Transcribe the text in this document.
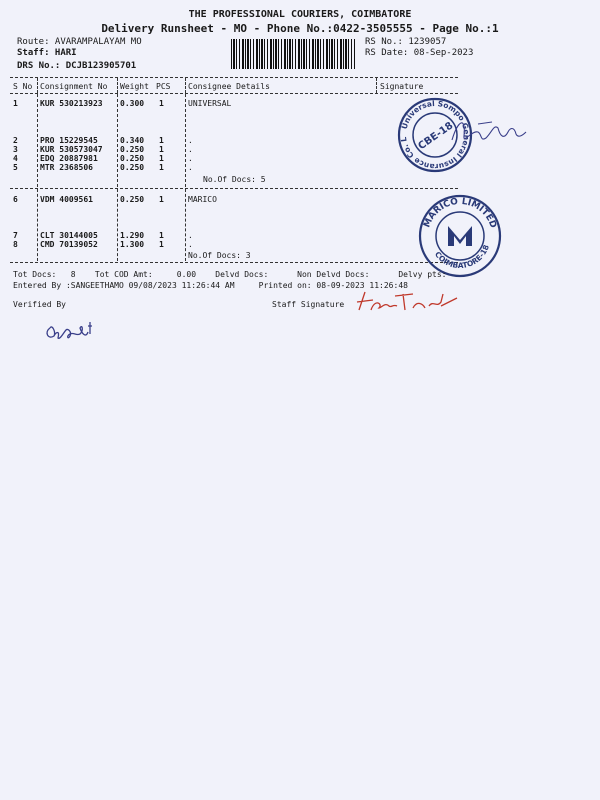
THE PROFESSIONAL COURIERS, COIMBATORE
Delivery Runsheet - MO - Phone No.:0422-3505555 - Page No.:1
Route: AVARAMPALAYAM MO
Staff: HARI
DRS No.: DCJB123905701
RS No.: 1239057
RS Date: 08-Sep-2023
S No Consignment No Weight PCS Consignee Details	Signature
1	KUR 530213923 0.300 1	UNIVERSAL
2	PRO 15229545	0.340 1	.
3	KUR 530573047 0.250 1	.
4	EDQ 20887981	0.250 1	.
5	MTR 2368506	0.250 1	.
No.Of Docs: 5
6	VDM 4009561	0.250 1	MARICO
7	CLT 30144005	1.290 1	.
8	CMD 70139052	1.300 1	.
No.Of Docs: 3
Universal Sompo General Insurance Co. Ltd
CBE-18
MARICO LIMITED
COIMBATORE-18
Tot Docs:   8    Tot COD Amt:     0.00    Delvd Docs:      Non Delvd Docs:      Delvy pts:
Entered By :SANGEETHAMO 09/08/2023 11:26:44 AM     Printed on: 08-09-2023 11:26:48
Verified By	Staff Signature
